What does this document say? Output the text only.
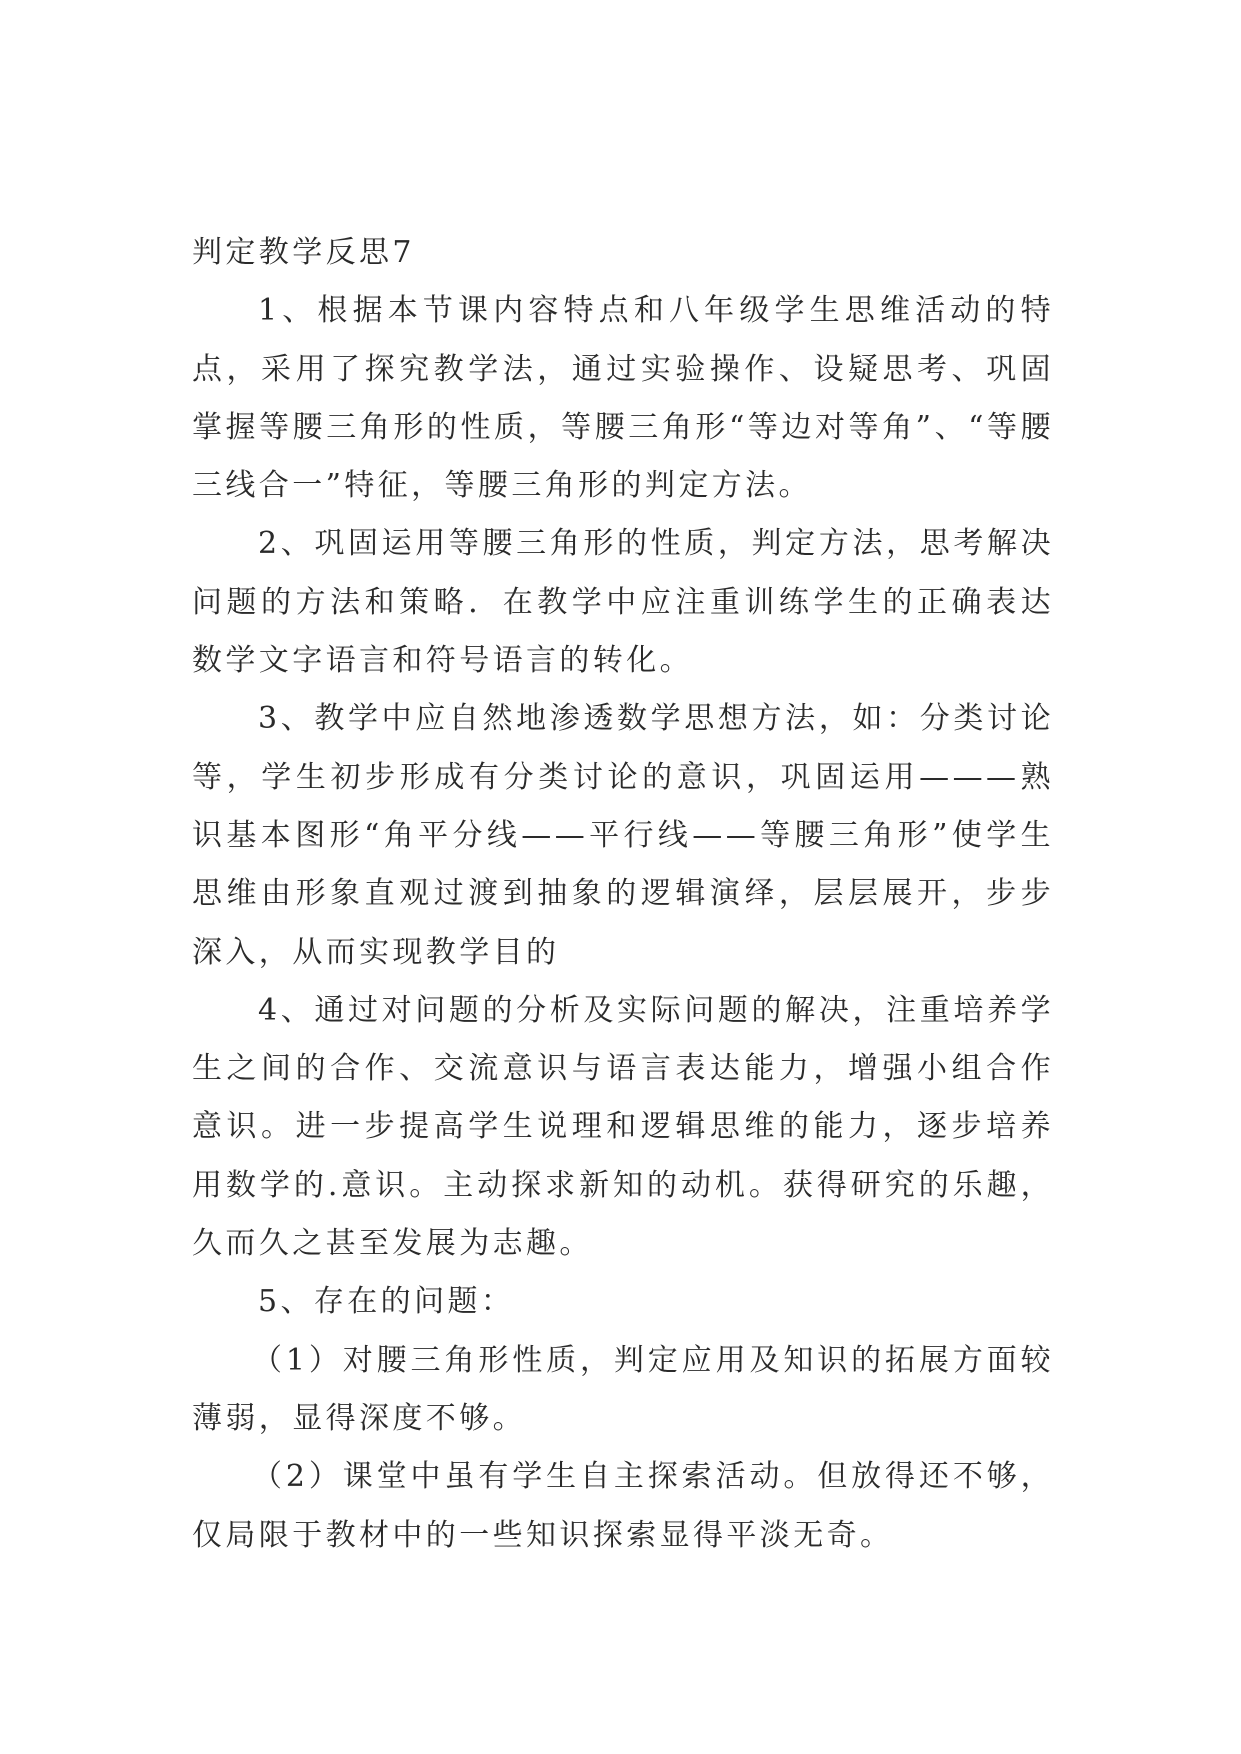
判定教学反思7

1、根据本节课内容特点和八年级学生思维活动的特点，采用了探究教学法，通过实验操作、设疑思考、巩固掌握等腰三角形的性质，等腰三角形“等边对等角”、“等腰三线合一”特征，等腰三角形的判定方法。

2、巩固运用等腰三角形的性质，判定方法，思考解决问题的方法和策略．在教学中应注重训练学生的正确表达数学文字语言和符号语言的转化。

3、教学中应自然地渗透数学思想方法，如：分类讨论等，学生初步形成有分类讨论的意识，巩固运用———熟识基本图形“角平分线——平行线——等腰三角形”使学生思维由形象直观过渡到抽象的逻辑演绎，层层展开，步步深入，从而实现教学目的

4、通过对问题的分析及实际问题的解决，注重培养学生之间的合作、交流意识与语言表达能力，增强小组合作意识。进一步提高学生说理和逻辑思维的能力，逐步培养用数学的.意识。主动探求新知的动机。获得研究的乐趣，久而久之甚至发展为志趣。

5、存在的问题：

（1）对腰三角形性质，判定应用及知识的拓展方面较薄弱，显得深度不够。

（2）课堂中虽有学生自主探索活动。但放得还不够，仅局限于教材中的一些知识探索显得平淡无奇。
